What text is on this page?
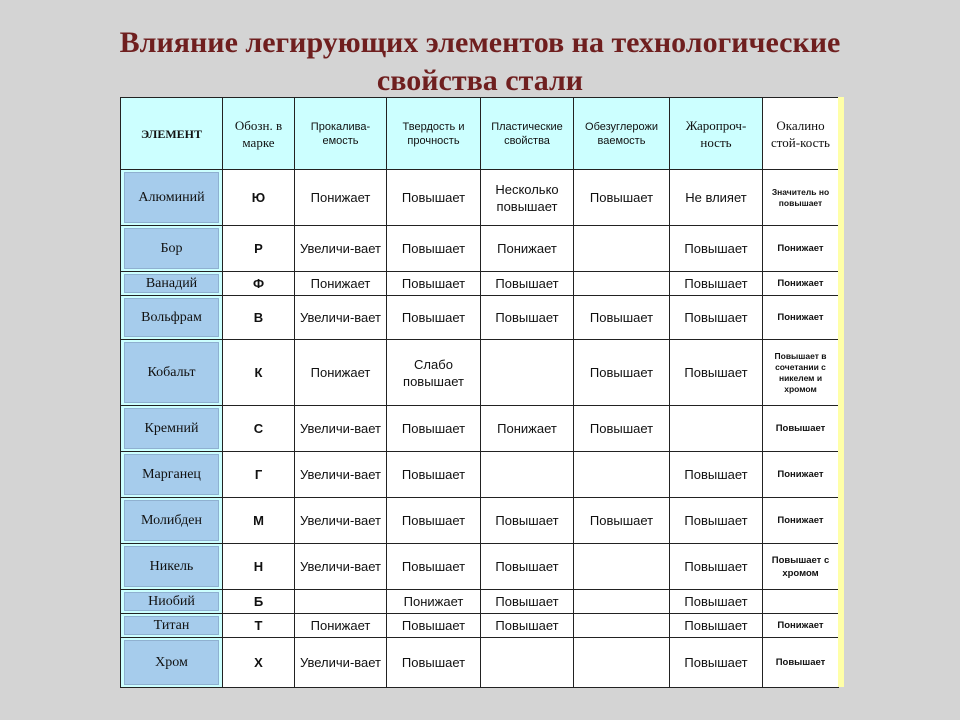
Влияние легирующих элементов на технологические
свойства стали
ЭЛЕМЕНТ	Обозн. в марке	Прокалива-емость	Твердость и прочность	Пластические свойства	Обезуглерожи ваемость	Жаропроч-ность	Окалино стой-кость

Алюминий	Ю	Понижает	Повышает	Несколько повышает	Повышает	Не влияет	Значитель но повышает

Бор	Р	Увеличи-вает	Повышает	Понижает		Повышает	Понижает

Ванадий	Ф	Понижает	Повышает	Повышает		Повышает	Понижает

Вольфрам	В	Увеличи-вает	Повышает	Повышает	Повышает	Повышает	Понижает

Кобальт	К	Понижает	Слабо повышает		Повышает	Повышает	Повышает в сочетании с никелем и хромом

Кремний	С	Увеличи-вает	Повышает	Понижает	Повышает		Повышает

Марганец	Г	Увеличи-вает	Повышает			Повышает	Понижает

Молибден	М	Увеличи-вает	Повышает	Повышает	Повышает	Повышает	Понижает

Никель	Н	Увеличи-вает	Повышает	Повышает		Повышает	Повышает с хромом

Ниобий	Б		Понижает	Повышает		Повышает	

Титан	Т	Понижает	Повышает	Повышает		Повышает	Понижает

Хром	Х	Увеличи-вает	Повышает			Повышает	Повышает
